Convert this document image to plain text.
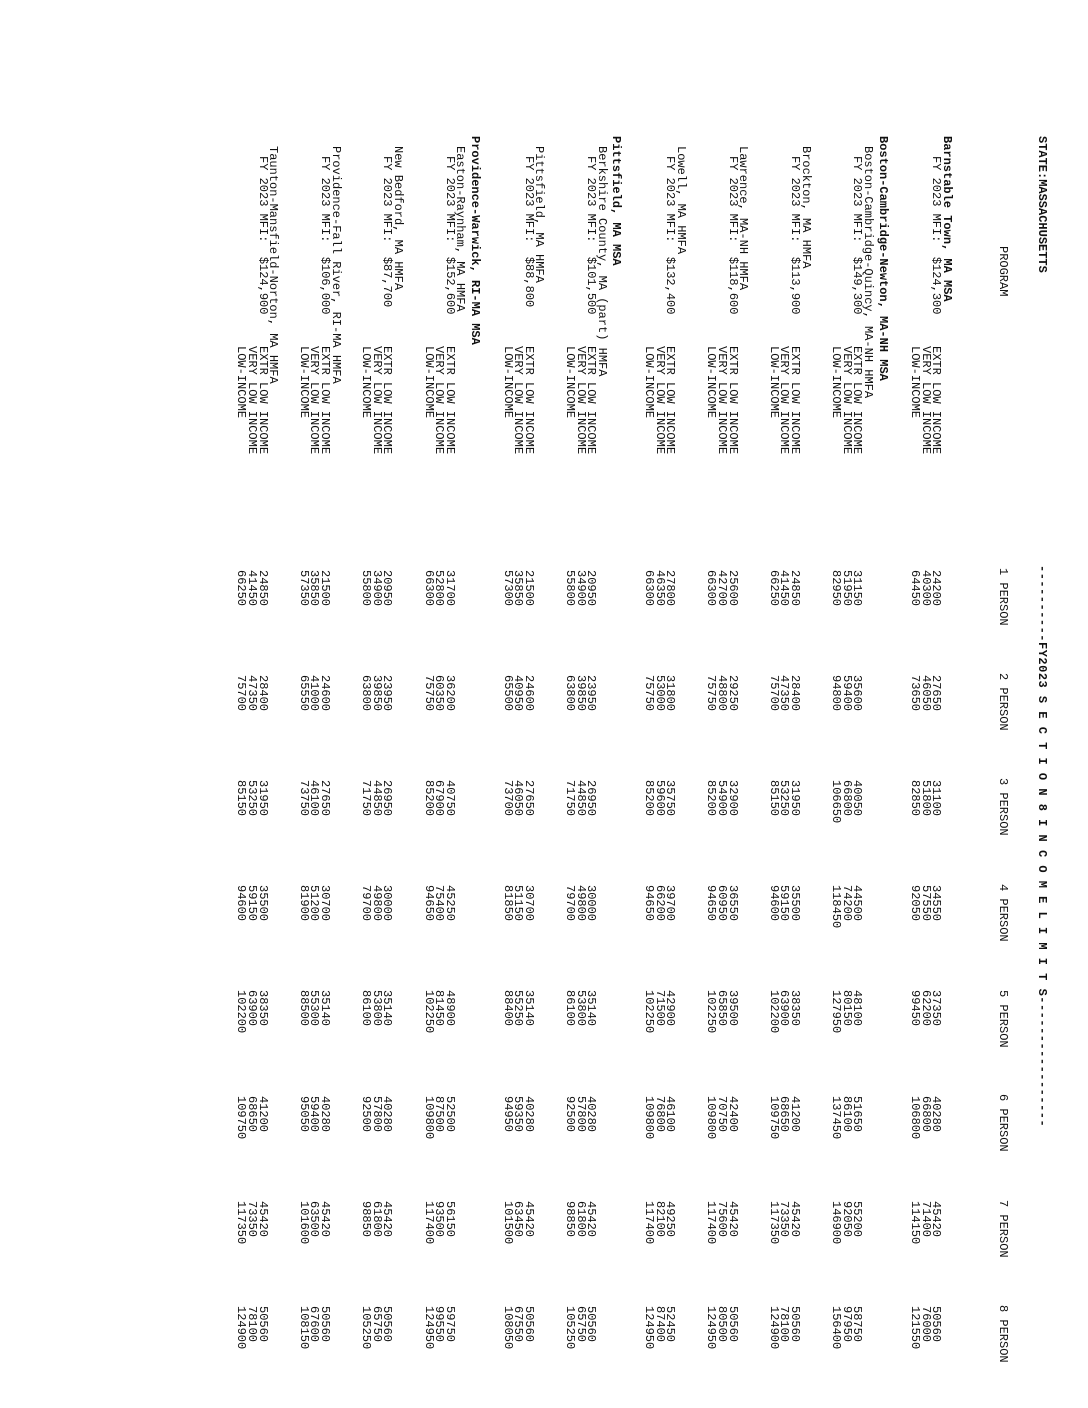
STATE:MASSACHUSETTS

----------FY2023 S E C T I O N 8 I N C O M E L I M I T S-----------------

PROGRAM

1 PERSON

2 PERSON

3 PERSON

4 PERSON

5 PERSON

6 PERSON

7 PERSON

8 PERSON

Barnstable Town, MA MSA
FY 2023 MFI:  $124,300
EXTR LOW INCOME
24200
27650
31100
34550
37350
40280
45420
50560
VERY LOW INCOME
40300
46050
51800
57550
62200
66800
71400
76000
LOW-INCOME
64450
73650
82850
92050
99450
106800
114150
121550
Boston-Cambridge-Newton, MA-NH MSA
Boston-Cambridge-Quincy, MA-NH HMFA
FY 2023 MFI:  $149,300
EXTR LOW INCOME
31150
35600
40050
44500
48100
51650
55200
58750
VERY LOW INCOME
51950
59400
66800
74200
80150
86100
92050
97950
LOW-INCOME
82950
94800
106650
118450
127950
137450
146900
156400
Brockton, MA HMFA
FY 2023 MFI:  $113,900
EXTR LOW INCOME
24850
28400
31950
35500
38350
41200
45420
50560
VERY LOW INCOME
41450
47350
53250
59150
63900
68650
73350
78100
LOW-INCOME
66250
75700
85150
94600
102200
109750
117350
124900
Lawrence, MA-NH HMFA
FY 2023 MFI:  $118,600
EXTR LOW INCOME
25600
29250
32900
36550
39500
42400
45420
50560
VERY LOW INCOME
42700
48800
54900
60950
65850
70750
75600
80500
LOW-INCOME
66300
75750
85200
94650
102250
109800
117400
124950
Lowell, MA HMFA
FY 2023 MFI:  $132,400
EXTR LOW INCOME
27800
31800
35750
39700
42900
46100
49250
52450
VERY LOW INCOME
46350
53000
59600
66200
71500
76800
82100
87400
LOW-INCOME
66300
75750
85200
94650
102250
109800
117400
124950
Pittsfield, MA MSA
Berkshire County, MA (part) HMFA
FY 2023 MFI:  $101,500
EXTR LOW INCOME
20950
23950
26950
30000
35140
40280
45420
50560
VERY LOW INCOME
34900
39850
44850
49800
53800
57800
61800
65750
LOW-INCOME
55800
63800
71750
79700
86100
92500
98850
105250
Pittsfield, MA HMFA
FY 2023 MFI:  $88,800
EXTR LOW INCOME
21500
24600
27650
30700
35140
40280
45420
50560
VERY LOW INCOME
35850
40950
46050
51150
55250
59350
63450
67550
LOW-INCOME
57300
65500
73700
81850
88400
94950
101500
108050
Providence-Warwick, RI-MA MSA
Easton-Raynham, MA HMFA
FY 2023 MFI:  $152,600
EXTR LOW INCOME
31700
36200
40750
45250
48900
52500
56150
59750
VERY LOW INCOME
52800
60350
67900
75400
81450
87500
93500
99550
LOW-INCOME
66300
75750
85200
94650
102250
109800
117400
124950
New Bedford, MA HMFA
FY 2023 MFI:  $87,700
EXTR LOW INCOME
20950
23950
26950
30000
35140
40280
45420
50560
VERY LOW INCOME
34900
39850
44850
49800
53800
57800
61800
65750
LOW-INCOME
55800
63800
71750
79700
86100
92500
98850
105250
Providence-Fall River, RI-MA HMFA
FY 2023 MFI:  $106,000
EXTR LOW INCOME
21500
24600
27650
30700
35140
40280
45420
50560
VERY LOW INCOME
35850
41000
46100
51200
55300
59400
63500
67600
LOW-INCOME
57350
65550
73750
81900
88500
95050
101600
108150
Taunton-Mansfield-Norton, MA HMFA
FY 2023 MFI:  $124,900
EXTR LOW INCOME
24850
28400
31950
35500
38350
41200
45420
50560
VERY LOW INCOME
41450
47350
53250
59150
63900
68650
73350
78100
LOW-INCOME
66250
75700
85150
94600
102200
109750
117350
124900
